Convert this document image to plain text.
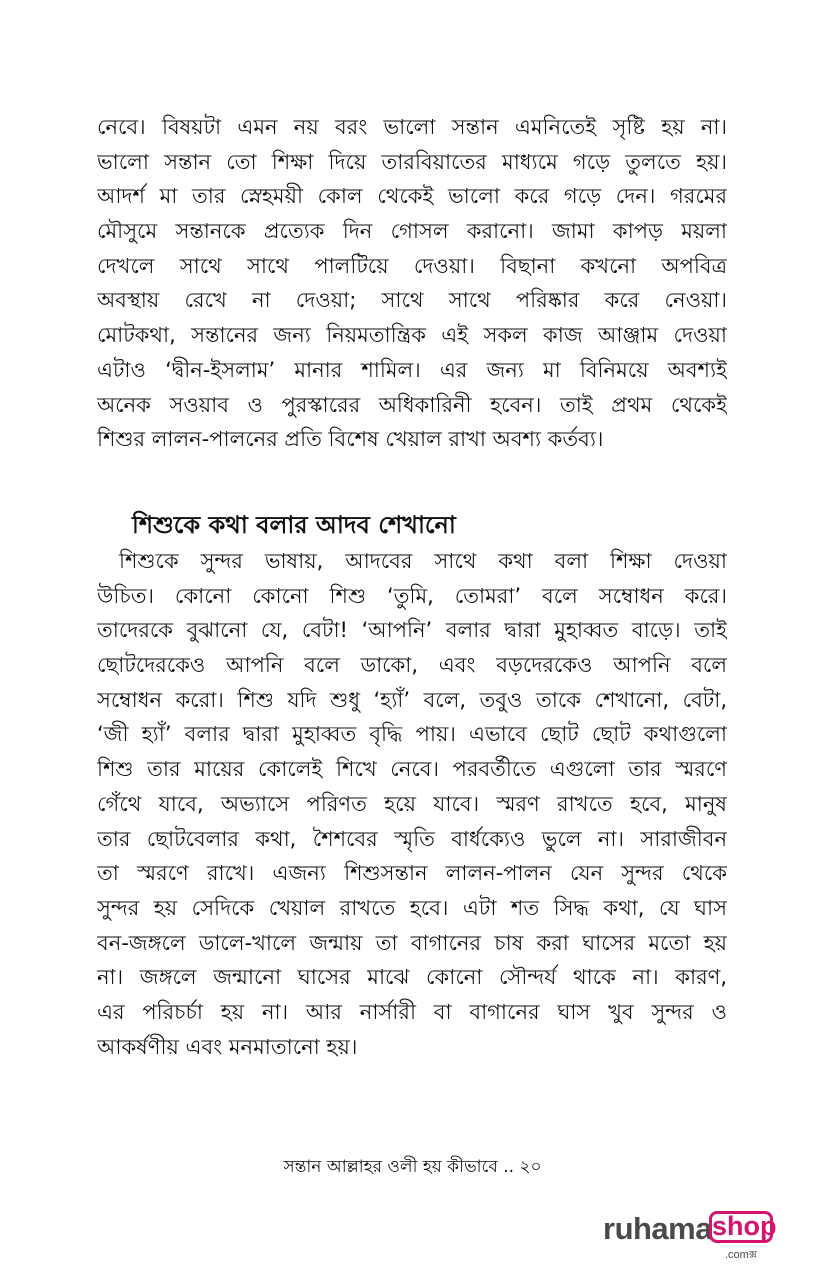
নেবে। বিষয়টা এমন নয় বরং ভালো সন্তান এমনিতেই সৃষ্টি হয় না।
ভালো সন্তান তো শিক্ষা দিয়ে তারবিয়াতের মাধ্যমে গড়ে তুলতে হয়।
আদর্শ মা তার স্নেহময়ী কোল থেকেই ভালো করে গড়ে দেন। গরমের
মৌসুমে সন্তানকে প্রত্যেক দিন গোসল করানো। জামা কাপড় ময়লা
দেখলে সাথে সাথে পালটিয়ে দেওয়া। বিছানা কখনো অপবিত্র
অবস্থায় রেখে না দেওয়া; সাথে সাথে পরিষ্কার করে নেওয়া।
মোটকথা, সন্তানের জন্য নিয়মতান্ত্রিক এই সকল কাজ আঞ্জাম দেওয়া
এটাও ‘দ্বীন-ইসলাম’ মানার শামিল। এর জন্য মা বিনিময়ে অবশ্যই
অনেক সওয়াব ও পুরস্কারের অধিকারিনী হবেন। তাই প্রথম থেকেই
শিশুর লালন-পালনের প্রতি বিশেষ খেয়াল রাখা অবশ্য কর্তব্য।
শিশুকে কথা বলার আদব শেখানো
শিশুকে সুন্দর ভাষায়, আদবের সাথে কথা বলা শিক্ষা দেওয়া
উচিত। কোনো কোনো শিশু ‘তুমি, তোমরা’ বলে সম্বোধন করে।
তাদেরকে বুঝানো যে, বেটা! ‘আপনি’ বলার দ্বারা মুহাব্বত বাড়ে। তাই
ছোটদেরকেও আপনি বলে ডাকো, এবং বড়দেরকেও আপনি বলে
সম্বোধন করো। শিশু যদি শুধু ‘হ্যাঁ’ বলে, তবুও তাকে শেখানো, বেটা,
‘জী হ্যাঁ’ বলার দ্বারা মুহাব্বত বৃদ্ধি পায়। এভাবে ছোট ছোট কথাগুলো
শিশু তার মায়ের কোলেই শিখে নেবে। পরবর্তীতে এগুলো তার স্মরণে
গেঁথে যাবে, অভ্যাসে পরিণত হয়ে যাবে। স্মরণ রাখতে হবে, মানুষ
তার ছোটবেলার কথা, শৈশবের স্মৃতি বার্ধক্যেও ভুলে না। সারাজীবন
তা স্মরণে রাখে। এজন্য শিশুসন্তান লালন-পালন যেন সুন্দর থেকে
সুন্দর হয় সেদিকে খেয়াল রাখতে হবে। এটা শত সিদ্ধ কথা, যে ঘাস
বন-জঙ্গলে ডালে-খালে জন্মায় তা বাগানের চাষ করা ঘাসের মতো হয়
না। জঙ্গলে জন্মানো ঘাসের মাঝে কোনো সৌন্দর্য থাকে না। কারণ,
এর পরিচর্চা হয় না। আর নার্সারী বা বাগানের ঘাস খুব সুন্দর ও
আকর্ষণীয় এবং মনমাতানো হয়।
সন্তান আল্লাহর ওলী হয় কীভাবে .. ২০
ruhama shop
.comক্স
